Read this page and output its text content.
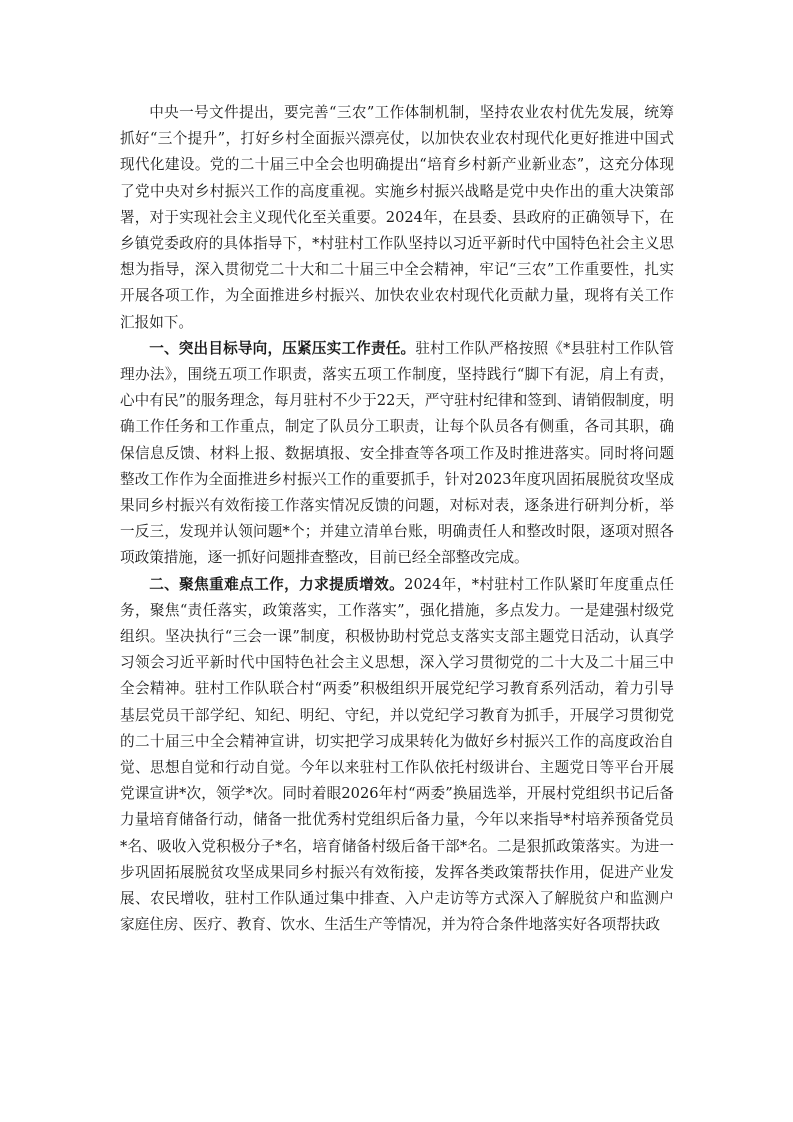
中央一号文件提出，要完善“三农”工作体制机制，坚持农业农村优先发展，统筹抓好“三个提升”，打好乡村全面振兴漂亮仗，以加快农业农村现代化更好推进中国式现代化建设。党的二十届三中全会也明确提出“培育乡村新产业新业态”，这充分体现了党中央对乡村振兴工作的高度重视。实施乡村振兴战略是党中央作出的重大决策部署，对于实现社会主义现代化至关重要。2024年，在县委、县政府的正确领导下，在乡镇党委政府的具体指导下，*村驻村工作队坚持以习近平新时代中国特色社会主义思想为指导，深入贯彻党二十大和二十届三中全会精神，牢记“三农”工作重要性，扎实开展各项工作，为全面推进乡村振兴、加快农业农村现代化贡献力量，现将有关工作汇报如下。

一、突出目标导向，压紧压实工作责任。驻村工作队严格按照《*县驻村工作队管理办法》，围绕五项工作职责，落实五项工作制度，坚持践行“脚下有泥，肩上有责，心中有民”的服务理念，每月驻村不少于22天，严守驻村纪律和签到、请销假制度，明确工作任务和工作重点，制定了队员分工职责，让每个队员各有侧重，各司其职，确保信息反馈、材料上报、数据填报、安全排查等各项工作及时推进落实。同时将问题整改工作作为全面推进乡村振兴工作的重要抓手，针对2023年度巩固拓展脱贫攻坚成果同乡村振兴有效衔接工作落实情况反馈的问题，对标对表，逐条进行研判分析，举一反三，发现并认领问题*个；并建立清单台账，明确责任人和整改时限，逐项对照各项政策措施，逐一抓好问题排查整改，目前已经全部整改完成。

二、聚焦重难点工作，力求提质增效。2024年，*村驻村工作队紧盯年度重点任务，聚焦“责任落实，政策落实，工作落实”，强化措施，多点发力。一是建强村级党组织。坚决执行“三会一课”制度，积极协助村党总支落实支部主题党日活动，认真学习领会习近平新时代中国特色社会主义思想，深入学习贯彻党的二十大及二十届三中全会精神。驻村工作队联合村“两委”积极组织开展党纪学习教育系列活动，着力引导基层党员干部学纪、知纪、明纪、守纪，并以党纪学习教育为抓手，开展学习贯彻党的二十届三中全会精神宣讲，切实把学习成果转化为做好乡村振兴工作的高度政治自觉、思想自觉和行动自觉。今年以来驻村工作队依托村级讲台、主题党日等平台开展党课宣讲*次，领学*次。同时着眼2026年村“两委”换届选举，开展村党组织书记后备力量培育储备行动，储备一批优秀村党组织后备力量，今年以来指导*村培养预备党员*名、吸收入党积极分子*名，培育储备村级后备干部*名。二是狠抓政策落实。为进一步巩固拓展脱贫攻坚成果同乡村振兴有效衔接，发挥各类政策帮扶作用，促进产业发展、农民增收，驻村工作队通过集中排查、入户走访等方式深入了解脱贫户和监测户家庭住房、医疗、教育、饮水、生活生产等情况，并为符合条件地落实好各项帮扶政
